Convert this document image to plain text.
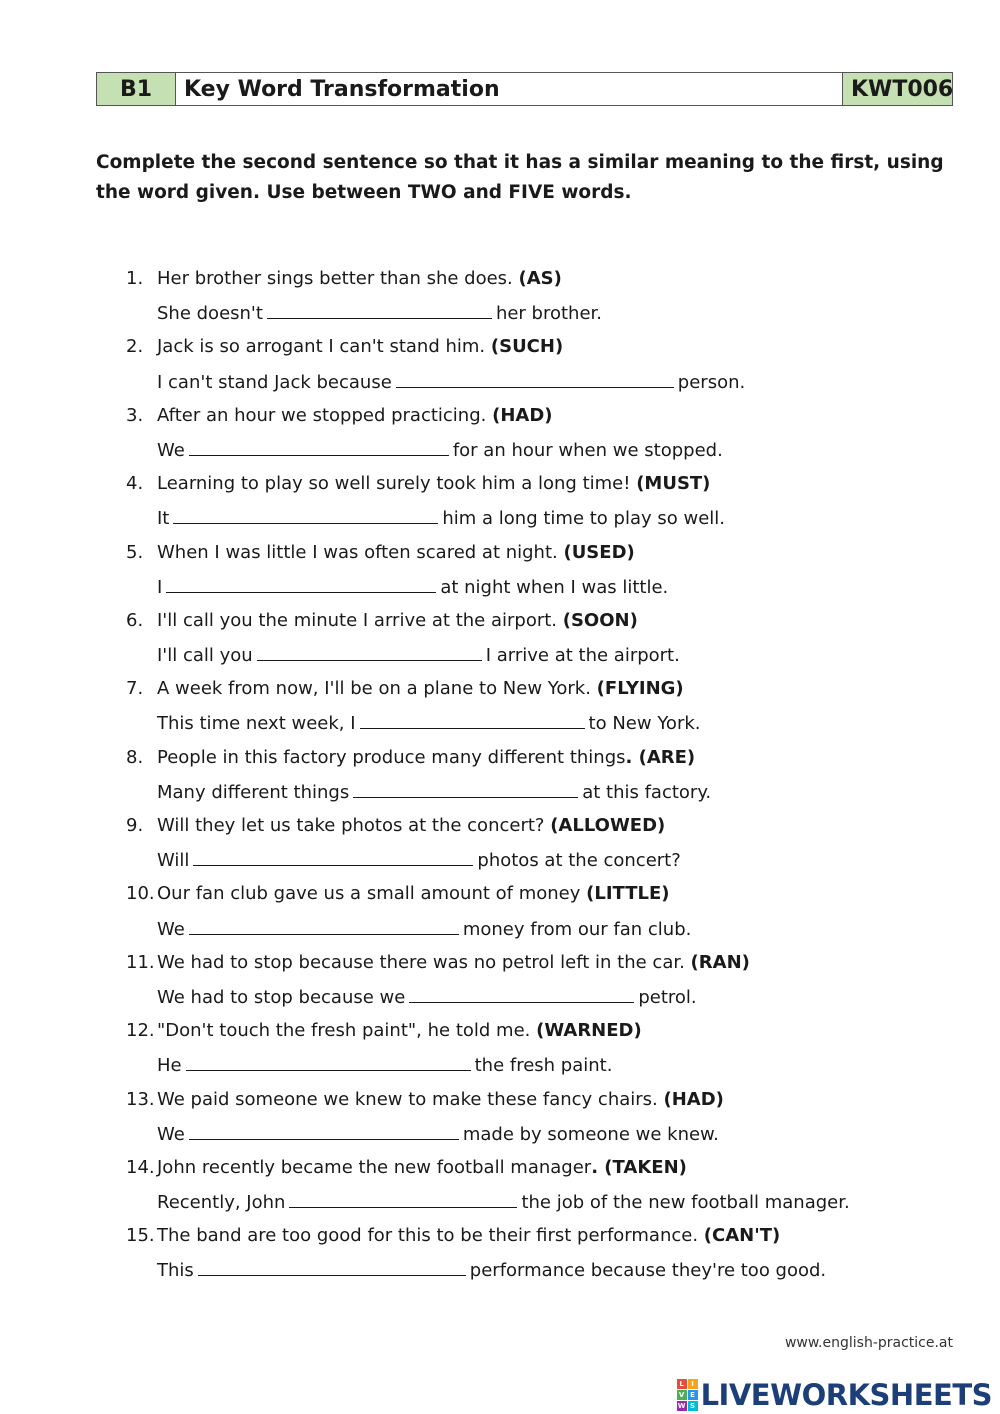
B1	Key Word Transformation	KWT006

Complete the second sentence so that it has a similar meaning to the first, using the word given. Use between TWO and FIVE words.

1. Her brother sings better than she does. (AS)
She doesn't	her brother.
2. Jack is so arrogant I can't stand him. (SUCH)
I can't stand Jack because	person.
3. After an hour we stopped practicing. (HAD)
We	for an hour when we stopped.
4. Learning to play so well surely took him a long time! (MUST)
It	him a long time to play so well.
5. When I was little I was often scared at night. (USED)
I	at night when I was little.
6. I'll call you the minute I arrive at the airport. (SOON)
I'll call you	I arrive at the airport.
7. A week from now, I'll be on a plane to New York. (FLYING)
This time next week, I	to New York.
8. People in this factory produce many different things. (ARE)
Many different things	at this factory.
9. Will they let us take photos at the concert? (ALLOWED)
Will	photos at the concert?
10. Our fan club gave us a small amount of money (LITTLE)
We	money from our fan club.
11. We had to stop because there was no petrol left in the car. (RAN)
We had to stop because we	petrol.
12. "Don't touch the fresh paint", he told me. (WARNED)
He	the fresh paint.
13. We paid someone we knew to make these fancy chairs. (HAD)
We	made by someone we knew.
14. John recently became the new football manager. (TAKEN)
Recently, John	the job of the new football manager.
15. The band are too good for this to be their first performance. (CAN'T)
This	performance because they're too good.

www.english-practice.at

L	I
V E
W S LIVEWORKSHEETS
